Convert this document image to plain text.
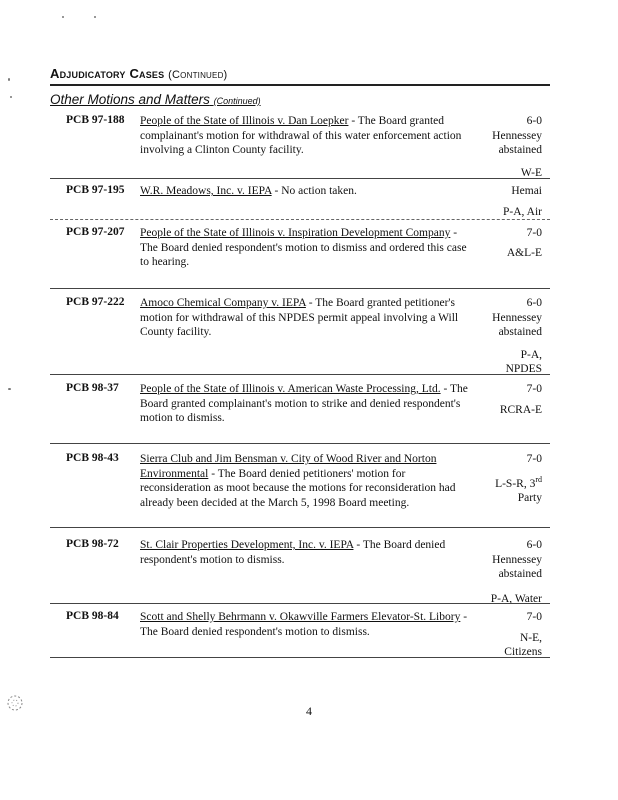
Adjudicatory Cases (Continued)
Other Motions and Matters (Continued)
PCB 97-188 People of the State of Illinois v. Dan Loepker - The Board granted complainant's motion for withdrawal of this water enforcement action involving a Clinton County facility.
6-0
Hennessey
abstained
W-E
PCB 97-195 W.R. Meadows, Inc. v. IEPA - No action taken.	Hemai
P-A, Air
PCB 97-207 People of the State of Illinois v. Inspiration Development Company - The Board denied respondent's motion to dismiss and ordered this case to hearing.
7-0
A&L-E
PCB 97-222 Amoco Chemical Company v. IEPA - The Board granted petitioner's motion for withdrawal of this NPDES permit appeal involving a Will County facility.
6-0
Hennessey
abstained
P-A,
NPDES
PCB 98-37 People of the State of Illinois v. American Waste Processing, Ltd. - The Board granted complainant's motion to strike and denied respondent's motion to dismiss.
7-0
RCRA-E
PCB 98-43 Sierra Club and Jim Bensman v. City of Wood River and Norton Environmental - The Board denied petitioners' motion for reconsideration as moot because the motions for reconsideration had already been decided at the March 5, 1998 Board meeting.
7-0
L-S-R, 3rd
Party
PCB 98-72 St. Clair Properties Development, Inc. v. IEPA - The Board denied respondent's motion to dismiss.
6-0
Hennessey
abstained
P-A, Water
PCB 98-84 Scott and Shelly Behrmann v. Okawville Farmers Elevator-St. Libory - The Board denied respondent's motion to dismiss.
7-0
N-E,
Citizens
4
